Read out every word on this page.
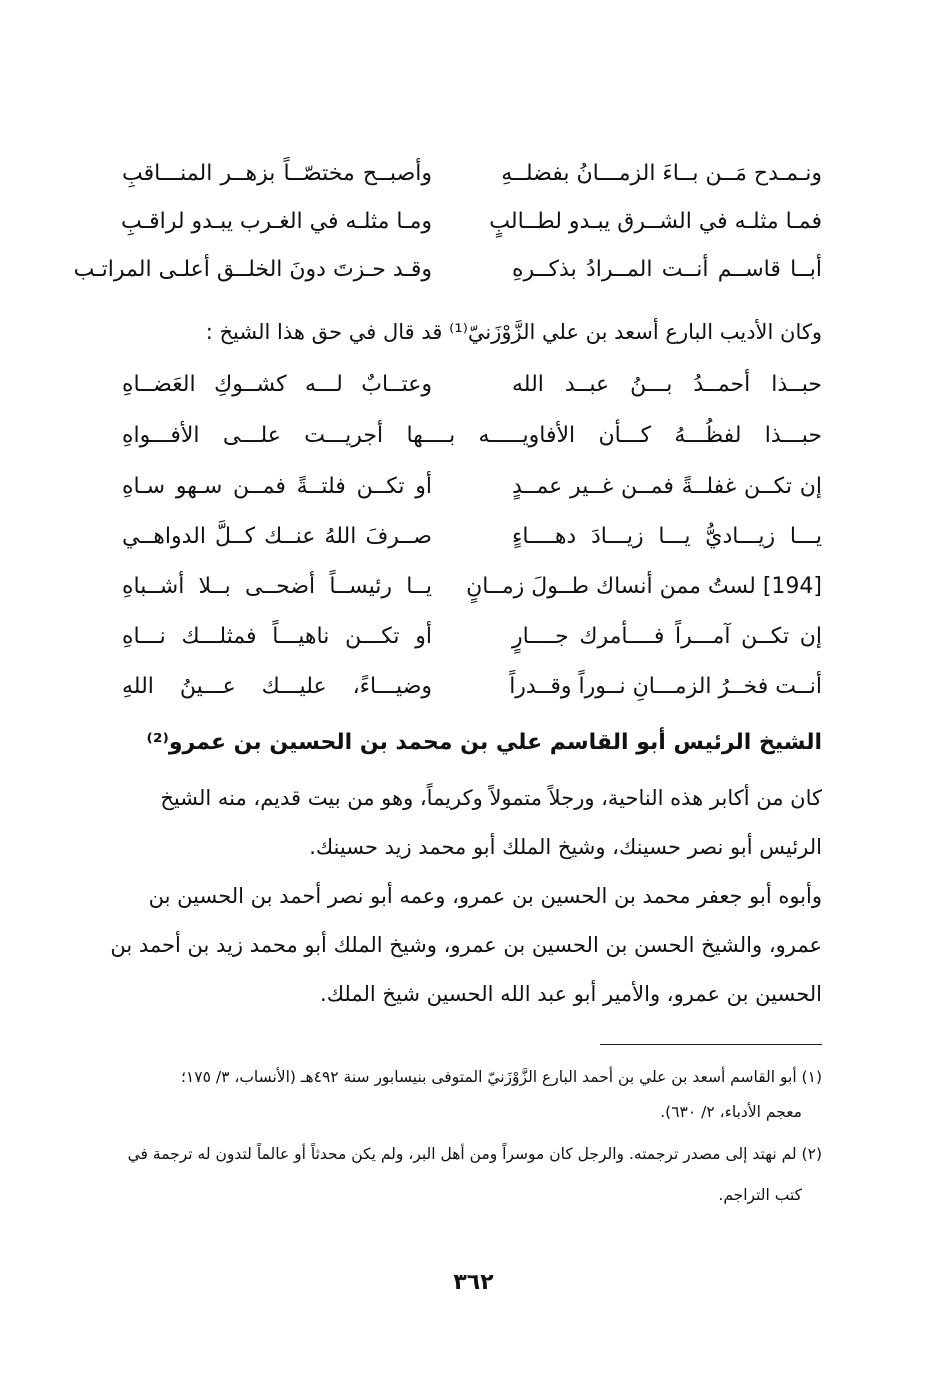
ونـمـدح مَــن بــاءَ الزمـــانُ بفضلــهِ
وأصبــح مختصّــاً بزهــر المنـــاقبِ
فمـا مثلـه في الشــرق يبـدو لطــالبٍ
ومـا مثلـه في الغـرب يبـدو لراقـبِ
أبــا قاســم أنــت المــرادُ بذكــرهِ
وقـد حـزتَ دونَ الخلــق أعلـى المراتـب
وكان الأديب البارع أسعد بن علي الزَّوْزَنيّ⁽¹⁾ قد قال في حق هذا الشيخ :
حبــذا أحمــدُ بـــنُ عبــد الله
وعتــابٌ لـــه كشــوكِ العَضــاهِ
حبـــذا لفظُـــهُ كـــأن الأفاويـــــه بــــها أجريـــت علـــى الأفـــواهِ
إن تكــن غفلــةً فمــن غــير عمــدٍ
أو تكــن فلتــةً فمــن سـهو سـاهِ
يـــا زيـــاديُّ يـــا زيـــادَ دهــــاءٍ
صــرفَ اللهُ عنــك كــلَّ الدواهــي
[194] لستُ ممن أنساك طــولَ زمــانٍ
يــا رئيســاً أضحــى بــلا أشــباهِ
إن تكــن آمـــراً فــــأمرك جــــارٍ
أو تكـــن ناهيـــاً فمثلـــك نـــاهِ
أنــت فخــرُ الزمـــانِ نــوراً وقــدراً
وضيـــاءً، عليـــك عـــينُ اللهِ
الشيخ الرئيس أبو القاسم علي بن محمد بن الحسين بن عمرو⁽²⁾
كان من أكابر هذه الناحية، ورجلاً متمولاً وكريماً، وهو من بيت قديم، منه الشيخ
الرئيس أبو نصر حسينك، وشيخ الملك أبو محمد زيد حسينك.
وأبوه أبو جعفر محمد بن الحسين بن عمرو، وعمه أبو نصر أحمد بن الحسين بن
عمرو، والشيخ الحسن بن الحسين بن عمرو، وشيخ الملك أبو محمد زيد بن أحمد بن
الحسين بن عمرو، والأمير أبو عبد الله الحسين شيخ الملك.
(١) أبو القاسم أسعد بن علي بن أحمد البارع الزَّوْزَنيّ المتوفى بنيسابور سنة ٤٩٢هـ (الأنساب، ٣/ ١٧٥؛
معجم الأدباء، ٢/ ٦٣٠).
(٢) لم نهتد إلى مصدر ترجمته. والرجل كان موسراً ومن أهل البر، ولم يكن محدثاً أو عالماً لتدون له ترجمة في
كتب التراجم.
٣٦٢
